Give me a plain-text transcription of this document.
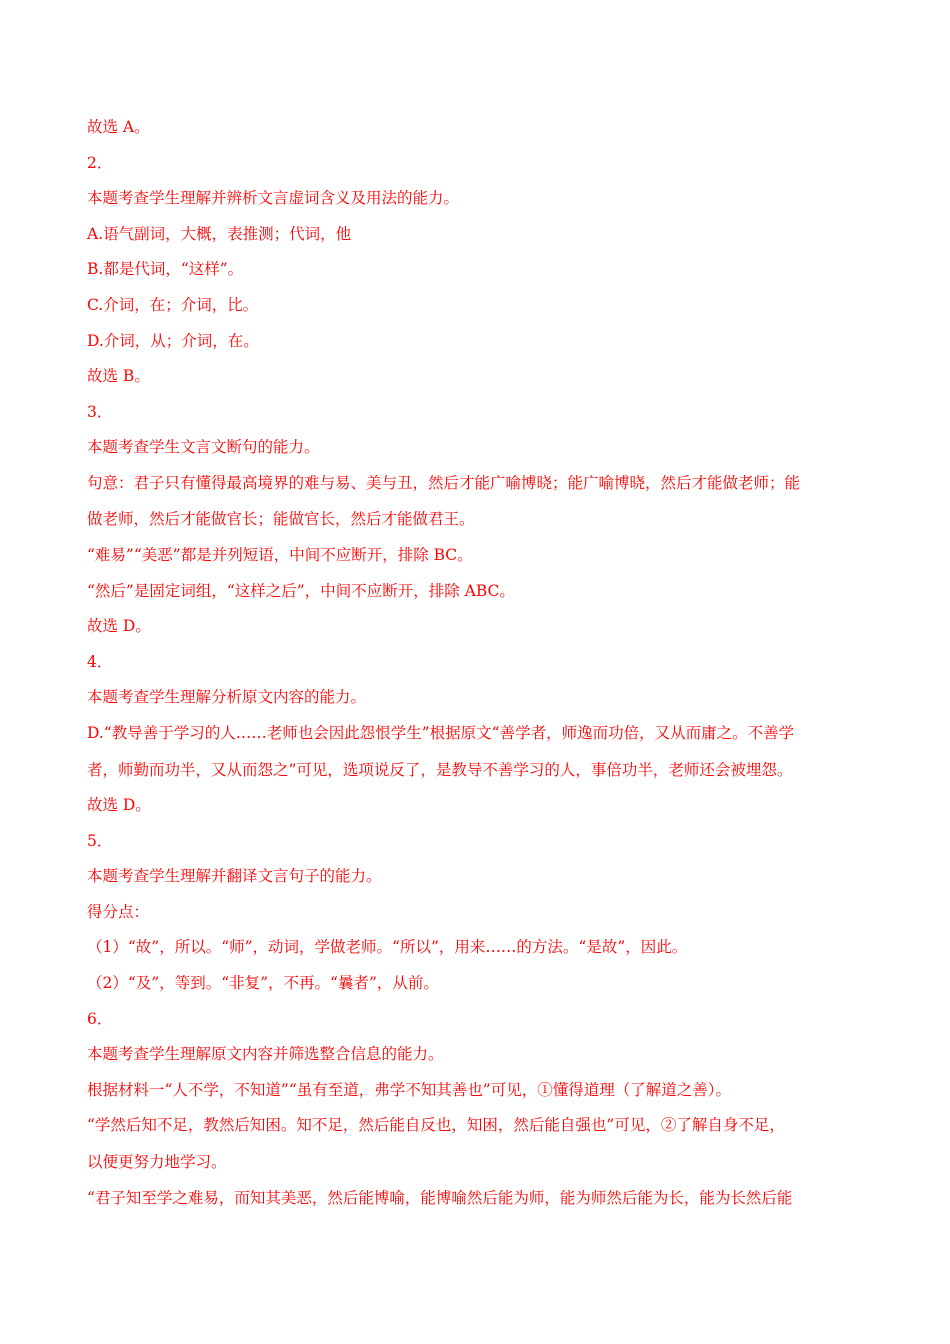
故选 A。
2．
本题考查学生理解并辨析文言虚词含义及用法的能力。
A.语气副词，大概，表推测；代词，他
B.都是代词，“这样”。
C.介词，在；介词，比。
D.介词，从；介词，在。
故选 B。
3．
本题考查学生文言文断句的能力。
句意：君子只有懂得最高境界的难与易、美与丑，然后才能广喻博晓；能广喻博晓，然后才能做老师；能
做老师，然后才能做官长；能做官长，然后才能做君王。
“难易”“美恶”都是并列短语，中间不应断开，排除 BC。
“然后”是固定词组，“这样之后”，中间不应断开，排除 ABC。
故选 D。
4．
本题考查学生理解分析原文内容的能力。
D.“教导善于学习的人……老师也会因此怨恨学生”根据原文“善学者，师逸而功倍，又从而庸之。不善学
者，师勤而功半，又从而怨之”可见，选项说反了，是教导不善学习的人，事倍功半，老师还会被埋怨。
故选 D。
5．
本题考查学生理解并翻译文言句子的能力。
得分点：
（1）“故”，所以。“师”，动词，学做老师。“所以”，用来……的方法。“是故”，因此。
（2）“及”，等到。“非复”，不再。“曩者”，从前。
6．
本题考查学生理解原文内容并筛选整合信息的能力。
根据材料一“人不学，不知道”“虽有至道，弗学不知其善也”可见，①懂得道理（了解道之善）。
“学然后知不足，教然后知困。知不足，然后能自反也，知困，然后能自强也”可见，②了解自身不足，
以便更努力地学习。
“君子知至学之难易，而知其美恶，然后能博喻，能博喻然后能为师，能为师然后能为长，能为长然后能
